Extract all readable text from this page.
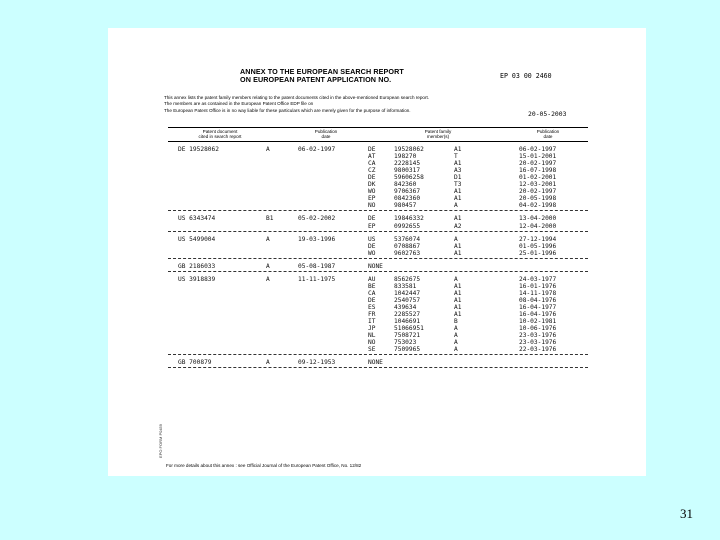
ANNEX TO THE EUROPEAN SEARCH REPORT
ON EUROPEAN PATENT APPLICATION NO.	EP 03 00 2460
This annex lists the patent family members relating to the patent documents cited in the above-mentioned European search report.
The members are as contained in the European Patent Office EDP file on
The European Patent Office is in no way liable for these particulars which are merely given for the purpose of information.	20-05-2003
Patent document
cited in search report
Publication
date
Patent family
member(s)
Publication
date
EPO FORM P0459
For more details about this annex : see Official Journal of the European Patent Office, No. 12/82
DE 19528062	A	06-02-1997	DE	19528062	A1	06-02-1997
AT	198270	T	15-01-2001
CA	2228145	A1	20-02-1997
CZ	9800317	A3	16-07-1998
DE	59606258	D1	01-02-2001
DK	842360	T3	12-03-2001
WO	9706367	A1	20-02-1997
EP	0842360	A1	20-05-1998
NO	980457	A	04-02-1998
US 6343474	B1	05-02-2002	DE	19846332	A1	13-04-2000
EP	0992655	A2	12-04-2000
US 5499004	A	19-03-1996	US	5376074	A	27-12-1994
DE	0708867	A1	01-05-1996
WO	9602763	A1	25-01-1996
GB 2186033	A	05-08-1987	NONE
US 3918839	A	11-11-1975	AU	8562675	A	24-03-1977
BE	833581	A1	16-01-1976
CA	1042447	A1	14-11-1978
DE	2540757	A1	08-04-1976
ES	439634	A1	16-04-1977
FR	2285527	A1	16-04-1976
IT	1046691	B	10-02-1981
JP	51066951	A	10-06-1976
NL	7508721	A	23-03-1976
NO	753023	A	23-03-1976
SE	7509965	A	22-03-1976
GB 700879	A	09-12-1953	NONE
31
